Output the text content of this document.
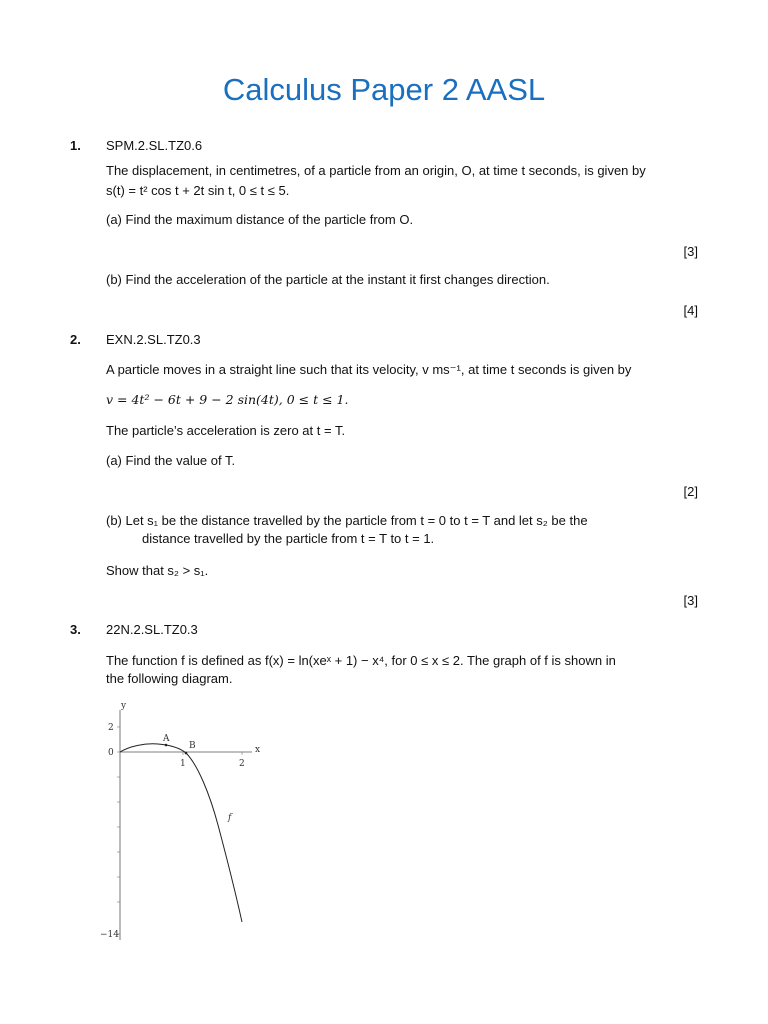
Calculus Paper 2 AASL
1. SPM.2.SL.TZ0.6
The displacement, in centimetres, of a particle from an origin, O, at time t seconds, is given by
s(t) = t² cos t + 2t sin t, 0 ≤ t ≤ 5.
(a) Find the maximum distance of the particle from O.
[3]
(b) Find the acceleration of the particle at the instant it first changes direction.
[4]
2. EXN.2.SL.TZ0.3
A particle moves in a straight line such that its velocity, v ms⁻¹, at time t seconds is given by
v = 4t² − 6t + 9 − 2 sin(4t), 0 ≤ t ≤ 1.
The particle’s acceleration is zero at t = T.
(a) Find the value of T.
[2]
(b) Let s₁ be the distance travelled by the particle from t = 0 to t = T and let s₂ be the
distance travelled by the particle from t = T to t = 1.
Show that s₂ > s₁.
[3]
3. 22N.2.SL.TZ0.3
The function f is defined as f(x) = ln(xeˣ + 1) − x⁴, for 0 ≤ x ≤ 2. The graph of f is shown in
the following diagram.
y
x
2
0
−14
1	2
A
B
f
